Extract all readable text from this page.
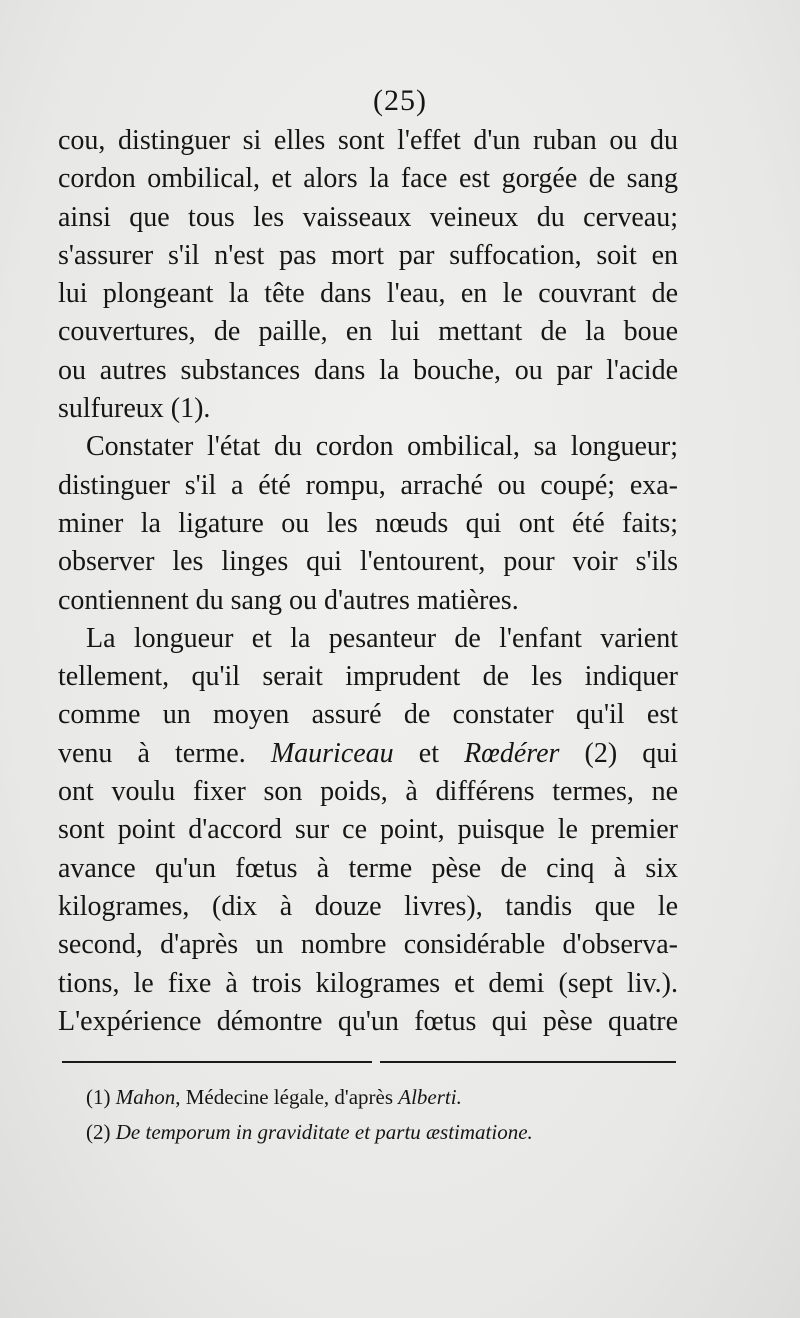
(25)
cou, distinguer si elles sont l'effet d'un ruban ou du
cordon ombilical, et alors la face est gorgée de sang
ainsi que tous les vaisseaux veineux du cerveau;
s'assurer s'il n'est pas mort par suffocation, soit en
lui plongeant la tête dans l'eau, en le couvrant de
couvertures, de paille, en lui mettant de la boue
ou autres substances dans la bouche, ou par l'acide
sulfureux (1).
Constater l'état du cordon ombilical, sa longueur;
distinguer s'il a été rompu, arraché ou coupé; exa-
miner la ligature ou les nœuds qui ont été faits;
observer les linges qui l'entourent, pour voir s'ils
contiennent du sang ou d'autres matières.
La longueur et la pesanteur de l'enfant varient
tellement, qu'il serait imprudent de les indiquer
comme un moyen assuré de constater qu'il est
venu à terme. Mauriceau et Rœdérer (2) qui
ont voulu fixer son poids, à différens termes, ne
sont point d'accord sur ce point, puisque le premier
avance qu'un fœtus à terme pèse de cinq à six
kilogrames, (dix à douze livres), tandis que le
second, d'après un nombre considérable d'observa-
tions, le fixe à trois kilogrames et demi (sept liv.).
L'expérience démontre qu'un fœtus qui pèse quatre
(1) Mahon, Médecine légale, d'après Alberti.
(2) De temporum in graviditate et partu æstimatione.
